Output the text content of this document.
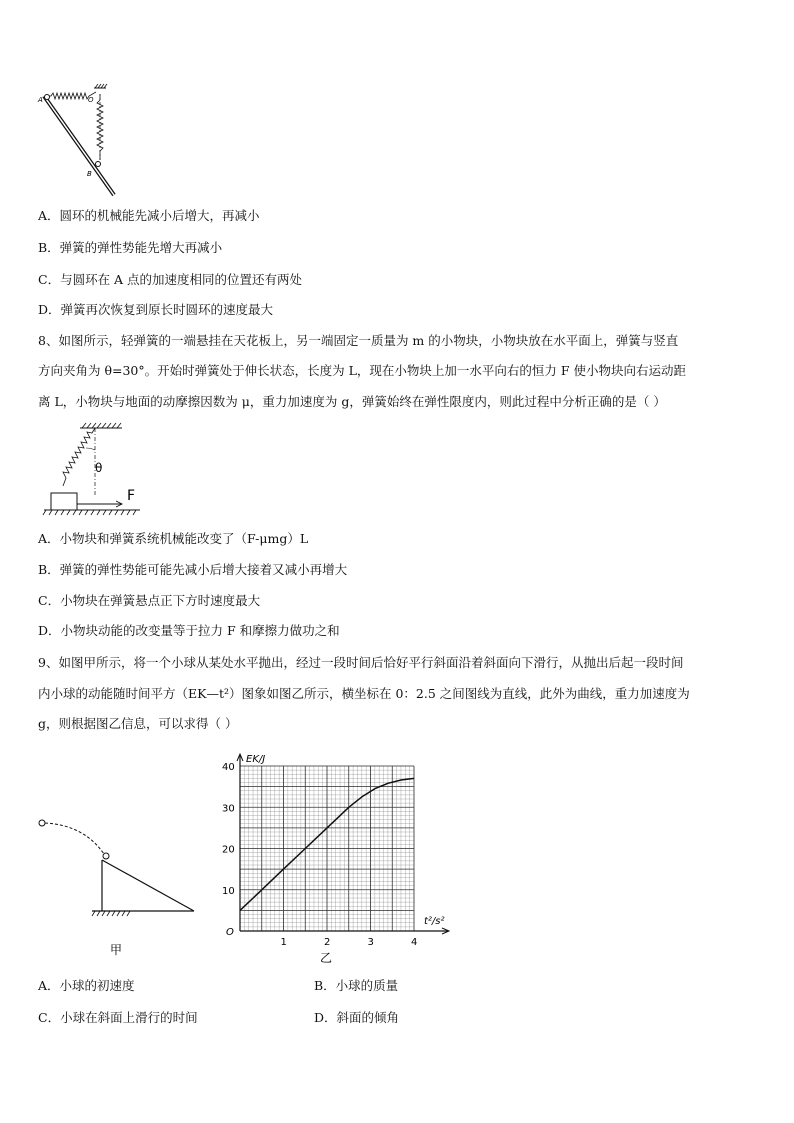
A	O
B
A．圆环的机械能先减小后增大，再减小
B．弹簧的弹性势能先增大再减小
C．与圆环在 A 点的加速度相同的位置还有两处
D．弹簧再次恢复到原长时圆环的速度最大
8、如图所示，轻弹簧的一端悬挂在天花板上，另一端固定一质量为 m 的小物块，小物块放在水平面上，弹簧与竖直
方向夹角为 θ=30°。开始时弹簧处于伸长状态，长度为 L，现在小物块上加一水平向右的恒力 F 使小物块向右运动距
离 L，小物块与地面的动摩擦因数为 μ，重力加速度为 g，弹簧始终在弹性限度内，则此过程中分析正确的是（ ）
θ
F
A．小物块和弹簧系统机械能改变了（F-μmg）L
B．弹簧的弹性势能可能先减小后增大接着又减小再增大
C．小物块在弹簧悬点正下方时速度最大
D．小物块动能的改变量等于拉力 F 和摩擦力做功之和
9、如图甲所示，将一个小球从某处水平抛出，经过一段时间后恰好平行斜面沿着斜面向下滑行，从抛出后起一段时间
内小球的动能随时间平方（EK—t²）图象如图乙所示，横坐标在 0：2.5 之间图线为直线，此外为曲线，重力加速度为
g，则根据图乙信息，可以求得（ ）
甲
1	2	3	4
10
20
30
40
EK/J
t²/s²
O
乙
A．小球的初速度	B．小球的质量
C．小球在斜面上滑行的时间	D．斜面的倾角
